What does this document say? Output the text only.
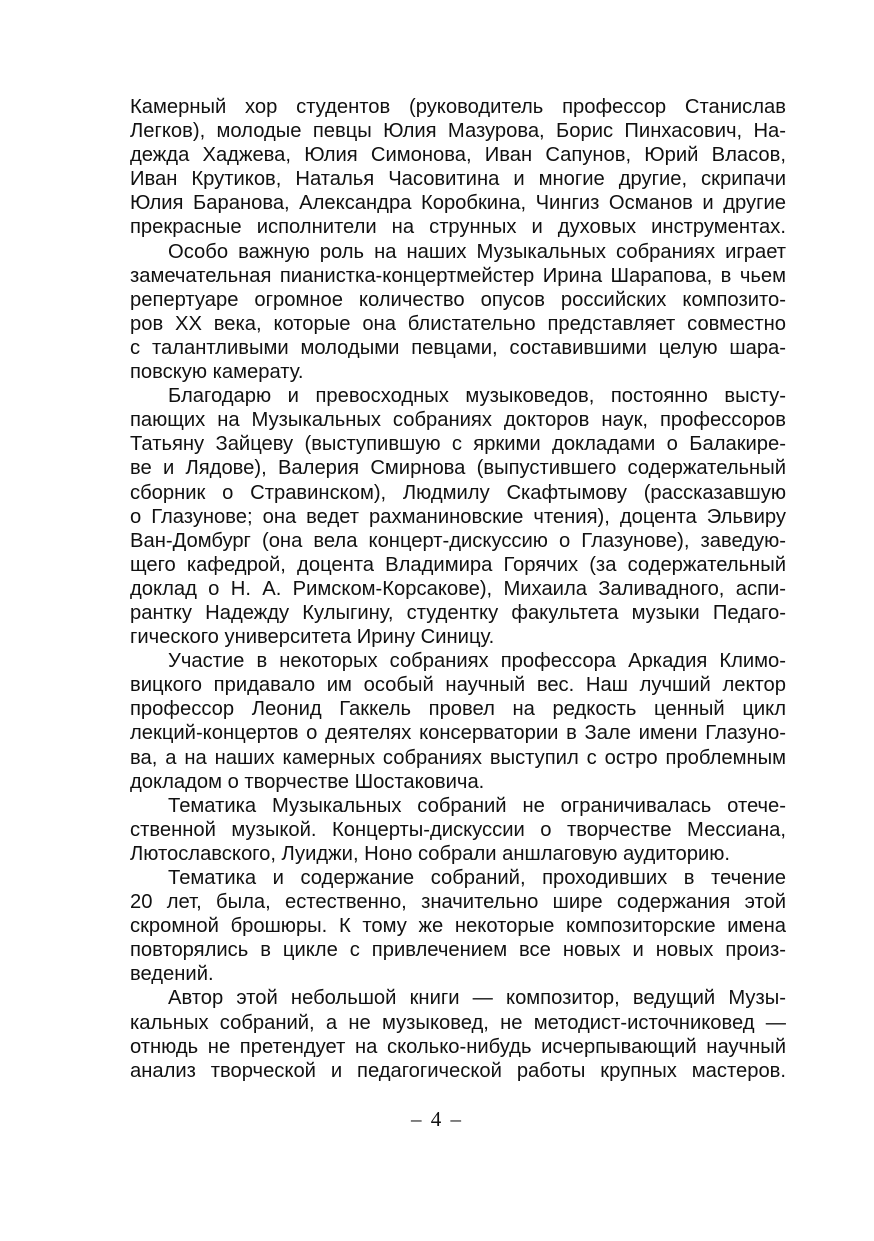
Камерный хор студентов (руководитель профессор Станислав
Легков), молодые певцы Юлия Мазурова, Борис Пинхасович, На-
дежда Хаджева, Юлия Симонова, Иван Сапунов, Юрий Власов,
Иван Крутиков, Наталья Часовитина и многие другие, скрипачи
Юлия Баранова, Александра Коробкина, Чингиз Османов и другие
прекрасные исполнители на струнных и духовых инструментах.
Особо важную роль на наших Музыкальных собраниях играет
замечательная пианистка-концертмейстер Ирина Шарапова, в чьем
репертуаре огромное количество опусов российских композито-
ров XX века, которые она блистательно представляет совместно
с талантливыми молодыми певцами, составившими целую шара-
повскую камерату.
Благодарю и превосходных музыковедов, постоянно высту-
пающих на Музыкальных собраниях докторов наук, профессоров
Татьяну Зайцеву (выступившую с яркими докладами о Балакире-
ве и Лядове), Валерия Смирнова (выпустившего содержательный
сборник о Стравинском), Людмилу Скафтымову (рассказавшую
о Глазунове; она ведет рахманиновские чтения), доцента Эльвиру
Ван-Домбург (она вела концерт-дискуссию о Глазунове), заведую-
щего кафедрой, доцента Владимира Горячих (за содержательный
доклад о Н. А. Римском-Корсакове), Михаила Заливадного, аспи-
рантку Надежду Кулыгину, студентку факультета музыки Педаго-
гического университета Ирину Синицу.
Участие в некоторых собраниях профессора Аркадия Климо-
вицкого придавало им особый научный вес. Наш лучший лектор
профессор Леонид Гаккель провел на редкость ценный цикл
лекций-концертов о деятелях консерватории в Зале имени Глазуно-
ва, а на наших камерных собраниях выступил с остро проблемным
докладом о творчестве Шостаковича.
Тематика Музыкальных собраний не ограничивалась отече-
ственной музыкой. Концерты-дискуссии о творчестве Мессиана,
Лютославского, Луиджи, Ноно собрали аншлаговую аудиторию.
Тематика и содержание собраний, проходивших в течение
20 лет, была, естественно, значительно шире содержания этой
скромной брошюры. К тому же некоторые композиторские имена
повторялись в цикле с привлечением все новых и новых произ-
ведений.
Автор этой небольшой книги — композитор, ведущий Музы-
кальных собраний, а не музыковед, не методист-источниковед —
отнюдь не претендует на сколько-нибудь исчерпывающий научный
анализ творческой и педагогической работы крупных мастеров.
– 4 –
